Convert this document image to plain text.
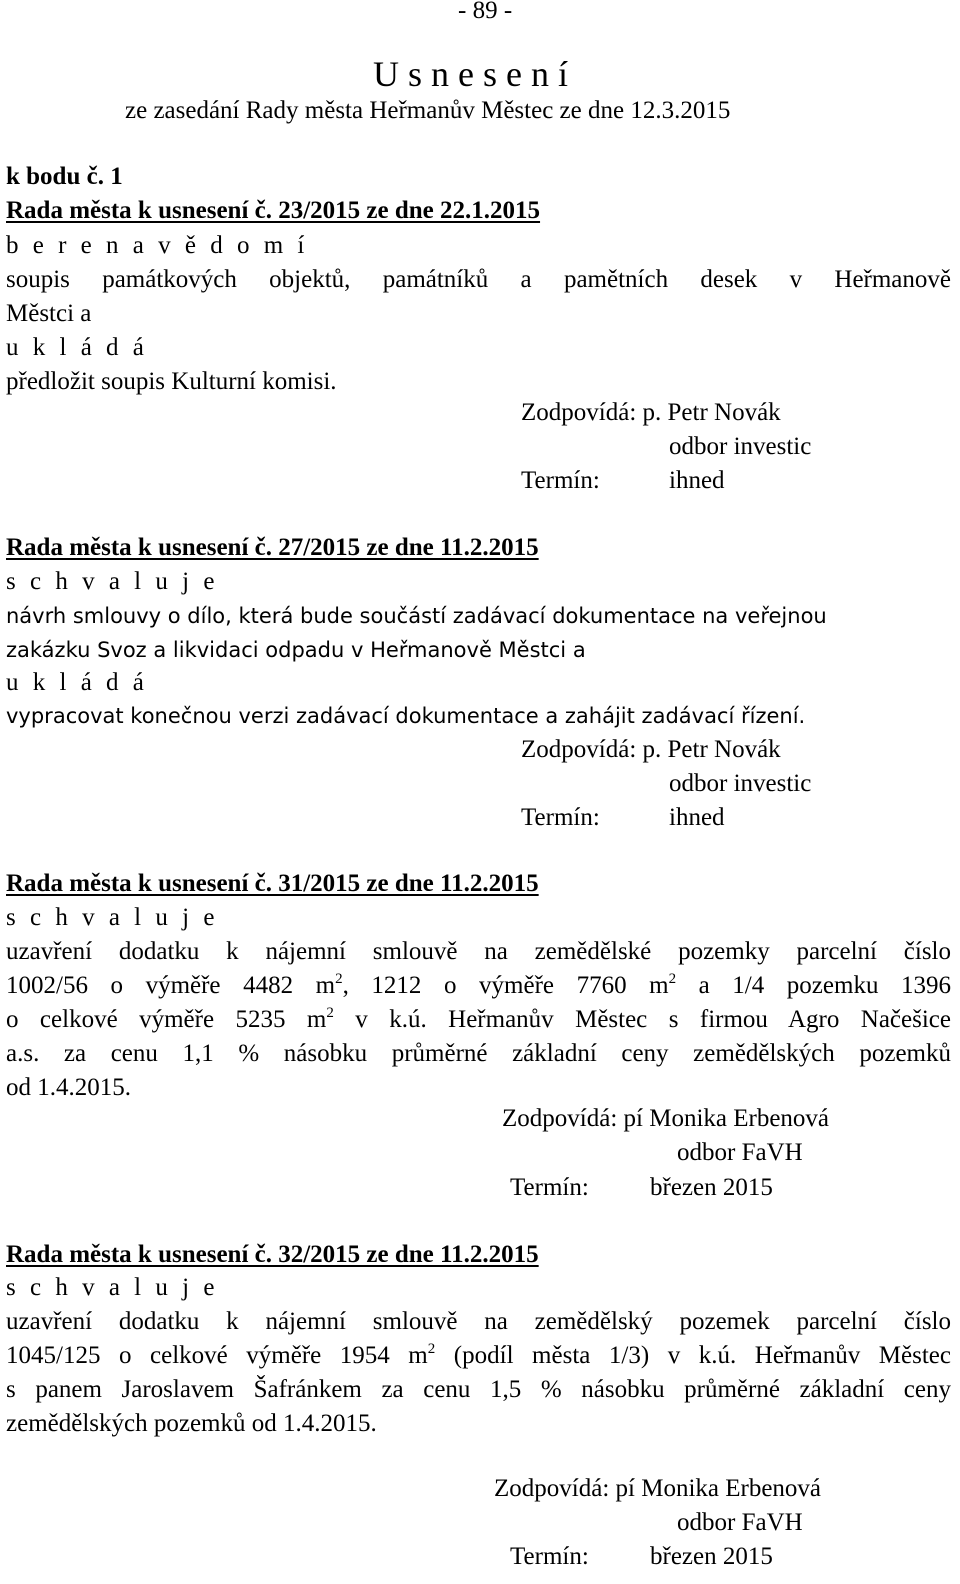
- 89 -
U s n e s e n í
ze zasedání Rady města Heřmanův Městec ze dne 12.3.2015
k bodu č. 1
Rada města k usnesení č. 23/2015 ze dne 22.1.2015
b e r e n a v ě d o m í
soupis památkových objektů, památníků a pamětních desek v Heřmanově
Městci a
u k l á d á
předložit soupis Kulturní komisi.
Zodpovídá: p. Petr Novák
odbor investic
Termín:	ihned
Rada města k usnesení č. 27/2015 ze dne 11.2.2015
s c h v a l u j e
návrh smlouvy o dílo, která bude součástí zadávací dokumentace na veřejnou
zakázku Svoz a likvidaci odpadu v Heřmanově Městci a
u k l á d á
vypracovat konečnou verzi zadávací dokumentace a zahájit zadávací řízení.
Zodpovídá: p. Petr Novák
odbor investic
Termín:	ihned
Rada města k usnesení č. 31/2015 ze dne 11.2.2015
s c h v a l u j e
uzavření dodatku k nájemní smlouvě na zemědělské pozemky parcelní číslo
1002/56 o výměře 4482 $m^2$, 1212 o výměře 7760 $m^2$ a 1/4 pozemku 1396
o celkové výměře 5235 $m^2$ v k.ú. Heřmanův Městec s firmou Agro Načešice
a.s. za cenu 1,1 % násobku průměrné základní ceny zemědělských pozemků
od 1.4.2015.
Zodpovídá: pí Monika Erbenová
odbor FaVH
Termín: březen 2015
Rada města k usnesení č. 32/2015 ze dne 11.2.2015
s c h v a l u j e
uzavření dodatku k nájemní smlouvě na zemědělský pozemek parcelní číslo
1045/125 o celkové výměře 1954 $m^2$ (podíl města 1/3) v k.ú. Heřmanův Městec
s panem Jaroslavem Šafránkem za cenu 1,5 % násobku průměrné základní ceny
zemědělských pozemků od 1.4.2015.
Zodpovídá: pí Monika Erbenová
odbor FaVH
Termín: březen 2015
